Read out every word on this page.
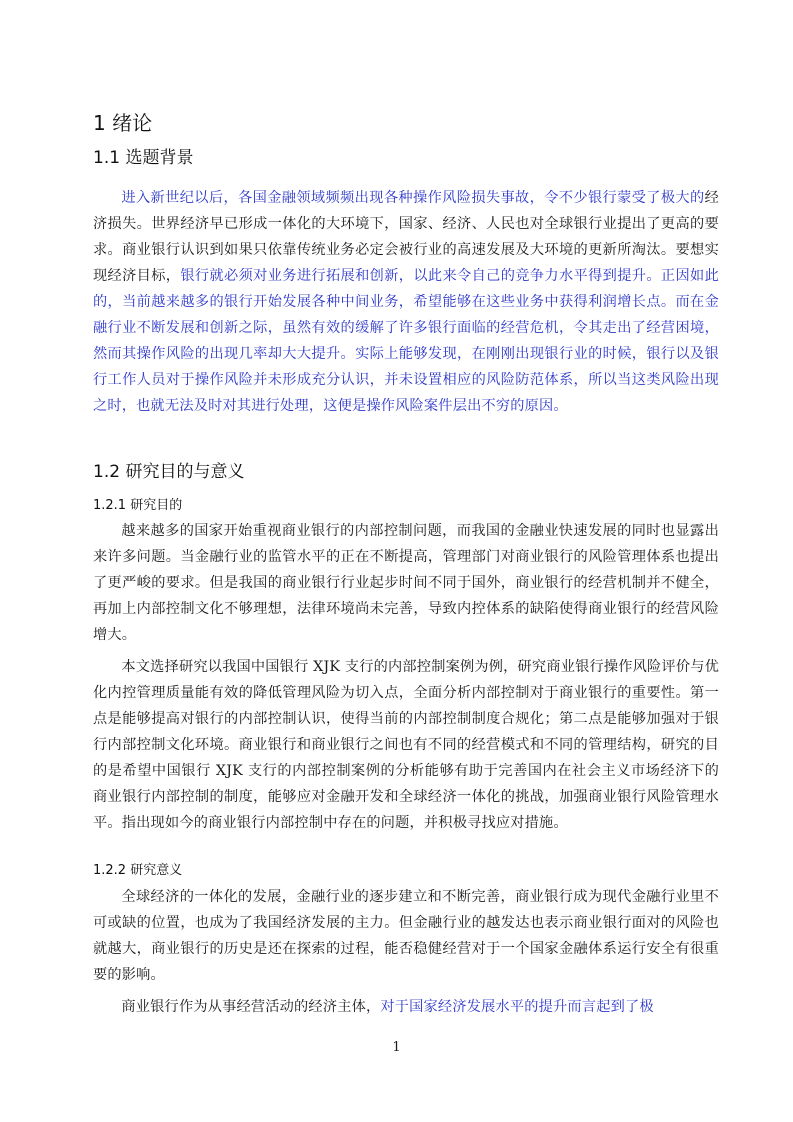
1 绪论
1.1 选题背景
进入新世纪以后，各国金融领域频频出现各种操作风险损失事故，令不少银行蒙受了极大的经济损失。世界经济早已形成一体化的大环境下，国家、经济、人民也对全球银行业提出了更高的要求。商业银行认识到如果只依靠传统业务必定会被行业的高速发展及大环境的更新所淘汰。要想实现经济目标，银行就必须对业务进行拓展和创新，以此来令自己的竞争力水平得到提升。正因如此的，当前越来越多的银行开始发展各种中间业务，希望能够在这些业务中获得利润增长点。而在金融行业不断发展和创新之际，虽然有效的缓解了许多银行面临的经营危机，令其走出了经营困境，然而其操作风险的出现几率却大大提升。实际上能够发现，在刚刚出现银行业的时候，银行以及银行工作人员对于操作风险并未形成充分认识，并未设置相应的风险防范体系，所以当这类风险出现之时，也就无法及时对其进行处理，这便是操作风险案件层出不穷的原因。
1.2 研究目的与意义
1.2.1 研究目的
越来越多的国家开始重视商业银行的内部控制问题，而我国的金融业快速发展的同时也显露出来许多问题。当金融行业的监管水平的正在不断提高，管理部门对商业银行的风险管理体系也提出了更严峻的要求。但是我国的商业银行行业起步时间不同于国外，商业银行的经营机制并不健全，再加上内部控制文化不够理想，法律环境尚未完善，导致内控体系的缺陷使得商业银行的经营风险增大。
本文选择研究以我国中国银行 XJK 支行的内部控制案例为例，研究商业银行操作风险评价与优化内控管理质量能有效的降低管理风险为切入点，全面分析内部控制对于商业银行的重要性。第一点是能够提高对银行的内部控制认识，使得当前的内部控制制度合规化；第二点是能够加强对于银行内部控制文化环境。商业银行和商业银行之间也有不同的经营模式和不同的管理结构，研究的目的是希望中国银行 XJK 支行的内部控制案例的分析能够有助于完善国内在社会主义市场经济下的商业银行内部控制的制度，能够应对金融开发和全球经济一体化的挑战，加强商业银行风险管理水平。指出现如今的商业银行内部控制中存在的问题，并积极寻找应对措施。
1.2.2 研究意义
全球经济的一体化的发展，金融行业的逐步建立和不断完善，商业银行成为现代金融行业里不可或缺的位置，也成为了我国经济发展的主力。但金融行业的越发达也表示商业银行面对的风险也就越大，商业银行的历史是还在探索的过程，能否稳健经营对于一个国家金融体系运行安全有很重要的影响。
商业银行作为从事经营活动的经济主体，对于国家经济发展水平的提升而言起到了极
1
